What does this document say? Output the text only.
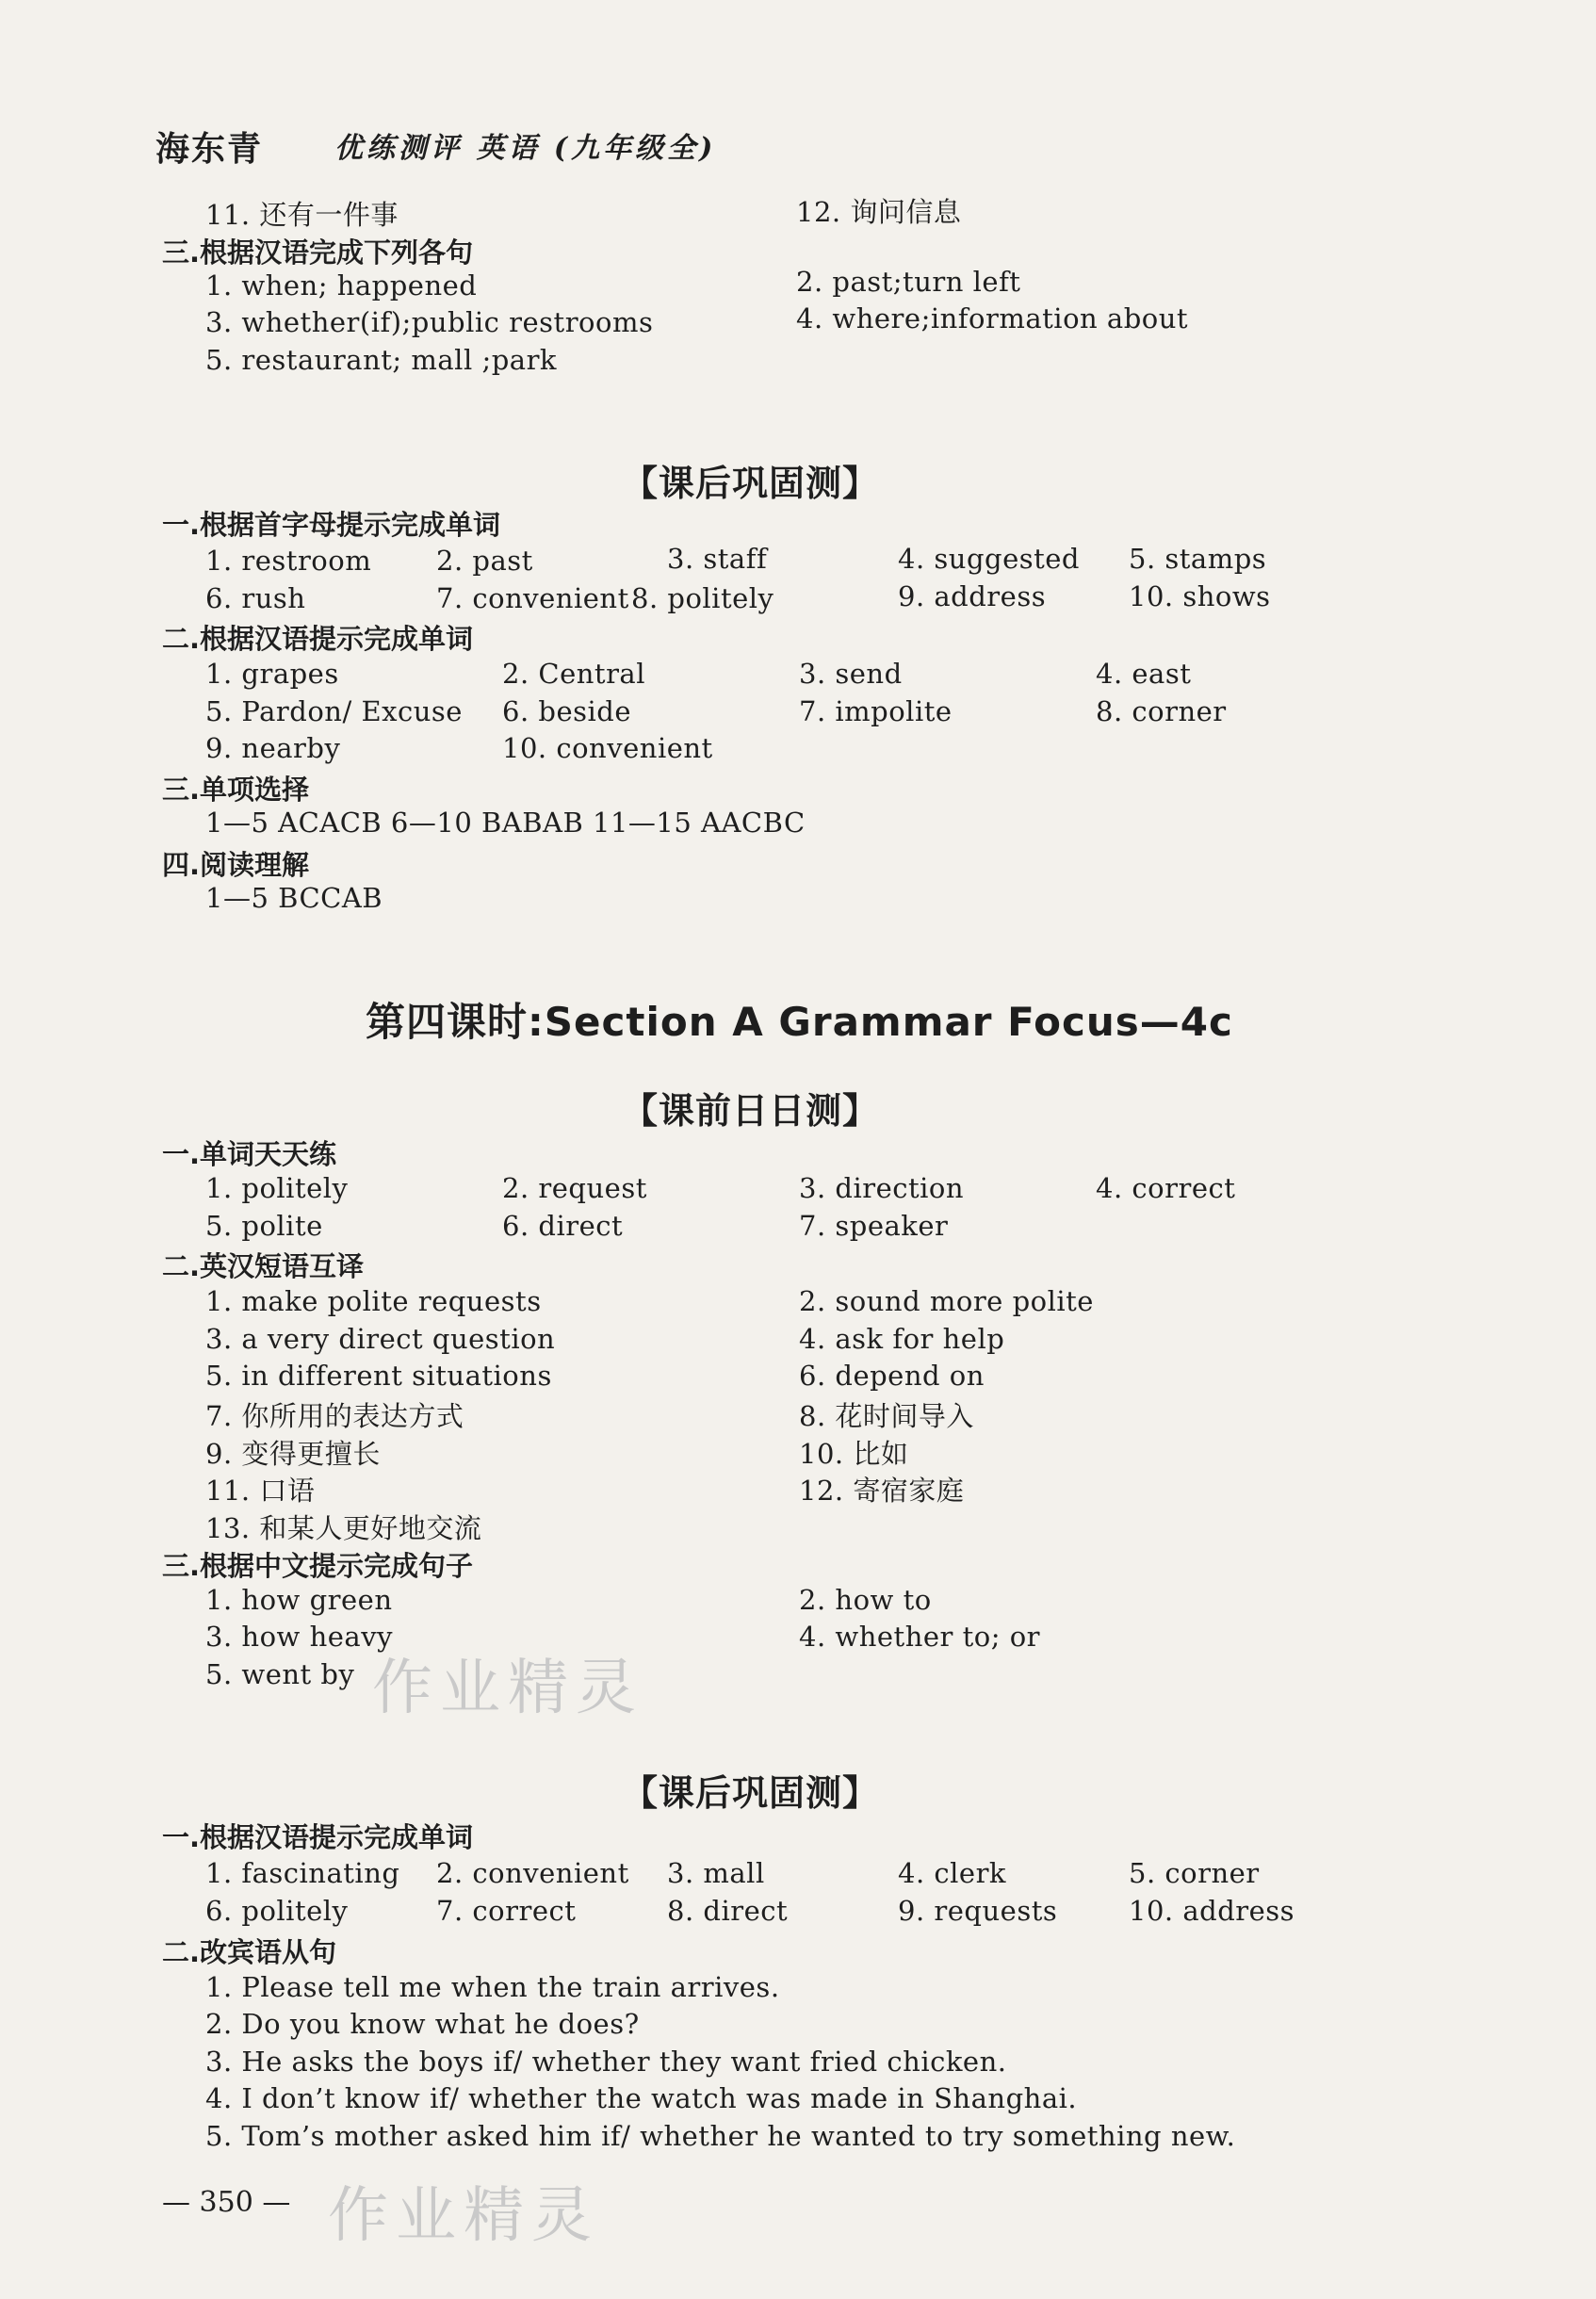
海东青	优练测评 英语 (九年级全)
11. 还有一件事	12. 询问信息
三.根据汉语完成下列各句
1. when; happened	2. past;turn left
3. whether(if);public restrooms	4. where;information about
5. restaurant; mall ;park
【课后巩固测】
一.根据首字母提示完成单词
1. restroom 2. past	3. staff	4. suggested 5. stamps
6. rush	7. convenient 8. politely	9. address	10. shows
二.根据汉语提示完成单词
1. grapes	2. Central	3. send	4. east
5. Pardon/ Excuse 6. beside	7. impolite	8. corner
9. nearby	10. convenient
三.单项选择
1—5 ACACB 6—10 BABAB 11—15 AACBC
四.阅读理解
1—5 BCCAB
第四课时:Section A Grammar Focus—4c
【课前日日测】
一.单词天天练
1. politely	2. request	3. direction	4. correct
5. polite	6. direct	7. speaker
二.英汉短语互译
1. make polite requests	2. sound more polite
3. a very direct question	4. ask for help
5. in different situations	6. depend on
7. 你所用的表达方式	8. 花时间导入
9. 变得更擅长	10. 比如
11. 口语	12. 寄宿家庭
13. 和某人更好地交流
三.根据中文提示完成句子
1. how green	2. how to
3. how heavy	4. whether to; or
5. went by 作业精灵
【课后巩固测】
一.根据汉语提示完成单词
1. fascinating 2. convenient 3. mall	4. clerk	5. corner
6. politely	7. correct	8. direct	9. requests	10. address
二.改宾语从句
1. Please tell me when the train arrives.
2. Do you know what he does?
3. He asks the boys if/ whether they want fried chicken.
4. I don’t know if/ whether the watch was made in Shanghai.
5. Tom’s mother asked him if/ whether he wanted to try something new.
— 350 — 作业精灵
